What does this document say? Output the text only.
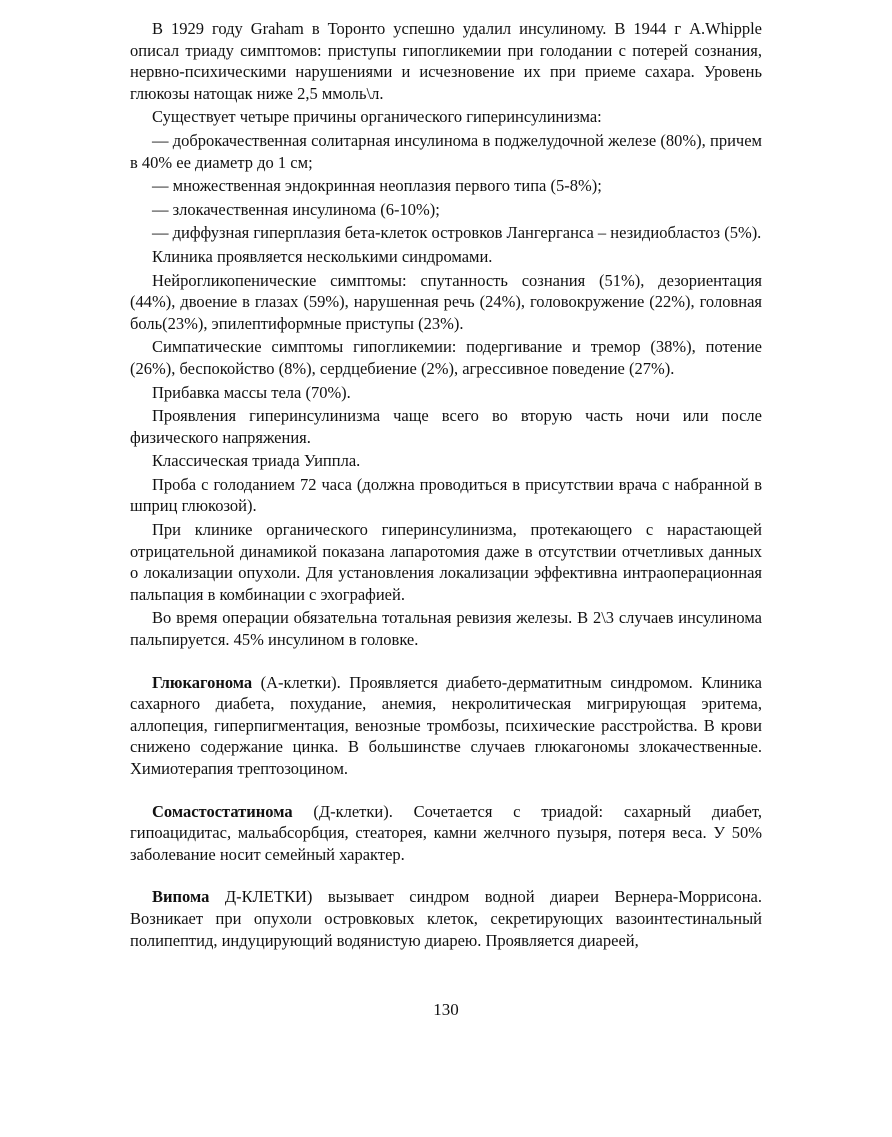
В 1929 году Graham в Торонто успешно удалил инсулиному. В 1944 г A.Whipple описал триаду симптомов: приступы гипогликемии при голодании с потерей сознания, нервно-психическими нарушениями и исчезновение их при приеме сахара. Уровень глюкозы натощак ниже 2,5 ммоль\л.

Существует четыре причины органического гиперинсулинизма:

— доброкачественная солитарная инсулинома в поджелудочной железе (80%), причем в 40% ее диаметр до 1 см;

— множественная эндокринная неоплазия первого типа (5-8%);

— злокачественная инсулинома (6-10%);

— диффузная гиперплазия бета-клеток островков Лангерганса – незидиобластоз (5%).

Клиника проявляется несколькими синдромами.

Нейрогликопенические симптомы: спутанность сознания (51%), дезориентация (44%), двоение в глазах (59%), нарушенная речь (24%), головокружение (22%), головная боль(23%), эпилептиформные приступы (23%).

Симпатические симптомы гипогликемии: подергивание и тремор (38%), потение (26%), беспокойство (8%), сердцебиение (2%), агрессивное поведение (27%).

Прибавка массы тела (70%).

Проявления гиперинсулинизма чаще всего во вторую часть ночи или после физического напряжения.

Классическая триада Уиппла.

Проба с голоданием 72 часа (должна проводиться в присутствии врача с набранной в шприц глюкозой).

При клинике органического гиперинсулинизма, протекающего с нарастающей отрицательной динамикой показана лапаротомия даже в отсутствии отчетливых данных о локализации опухоли. Для установления локализации эффективна интраоперационная пальпация в комбинации с эхографией.

Во время операции обязательна тотальная ревизия железы. В 2\3 случаев инсулинома пальпируется. 45% инсулином в головке.

Глюкагонома (А-клетки). Проявляется диабето-дерматитным синдромом. Клиника сахарного диабета, похудание, анемия, некролитическая мигрирующая эритема, аллопеция, гиперпигментация, венозные тромбозы, психические расстройства. В крови снижено содержание цинка. В большинстве случаев глюкагономы злокачественные. Химиотерапия трептозоцином.

Сомастостатинома (Д-клетки). Сочетается с триадой: сахарный диабет, гипоацидитас, мальабсорбция, стеаторея, камни желчного пузыря, потеря веса. У 50% заболевание носит семейный характер.

Випома Д-КЛЕТКИ) вызывает синдром водной диареи Вернера-Моррисона. Возникает при опухоли островковых клеток, секретирующих вазоинтестинальный полипептид, индуцирующий водянистую диарею. Проявляется диареей,

130
